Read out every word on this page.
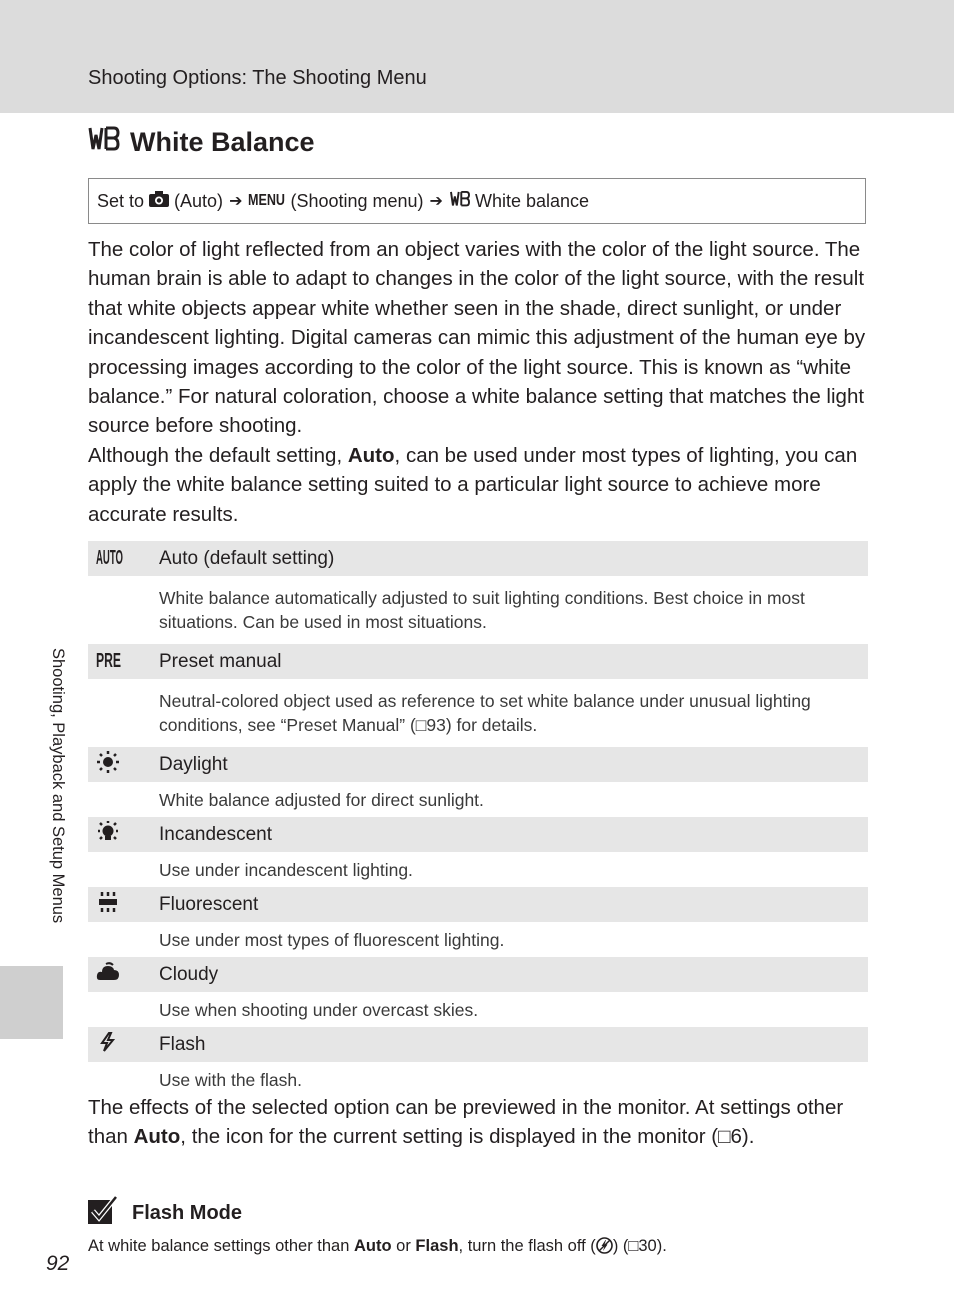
Shooting Options: The Shooting Menu
White Balance
Set to (Auto) ➔ MENU (Shooting menu) ➔ White balance

The color of light reflected from an object varies with the color of the light source. The human brain is able to adapt to changes in the color of the light source, with the result that white objects appear white whether seen in the shade, direct sunlight, or under incandescent lighting. Digital cameras can mimic this adjustment of the human eye by processing images according to the color of the light source. This is known as “white balance.” For natural coloration, choose a white balance setting that matches the light source before shooting.

Although the default setting, Auto, can be used under most types of lighting, you can apply the white balance setting suited to a particular light source to achieve more accurate results.

AUTO Auto (default setting)
White balance automatically adjusted to suit lighting conditions. Best choice in most situations. Can be used in most situations.
PRE Preset manual
Neutral-colored object used as reference to set white balance under unusual lighting conditions, see “Preset Manual” (□93) for details.
Daylight
White balance adjusted for direct sunlight.
Incandescent
Use under incandescent lighting.
Fluorescent
Use under most types of fluorescent lighting.
Cloudy
Use when shooting under overcast skies.
Flash
Use with the flash.

The effects of the selected option can be previewed in the monitor. At settings other than Auto, the icon for the current setting is displayed in the monitor (□6).

Flash Mode
At white balance settings other than Auto or Flash, turn the flash off ( ) (□30).
Shooting, Playback and Setup Menus
92
